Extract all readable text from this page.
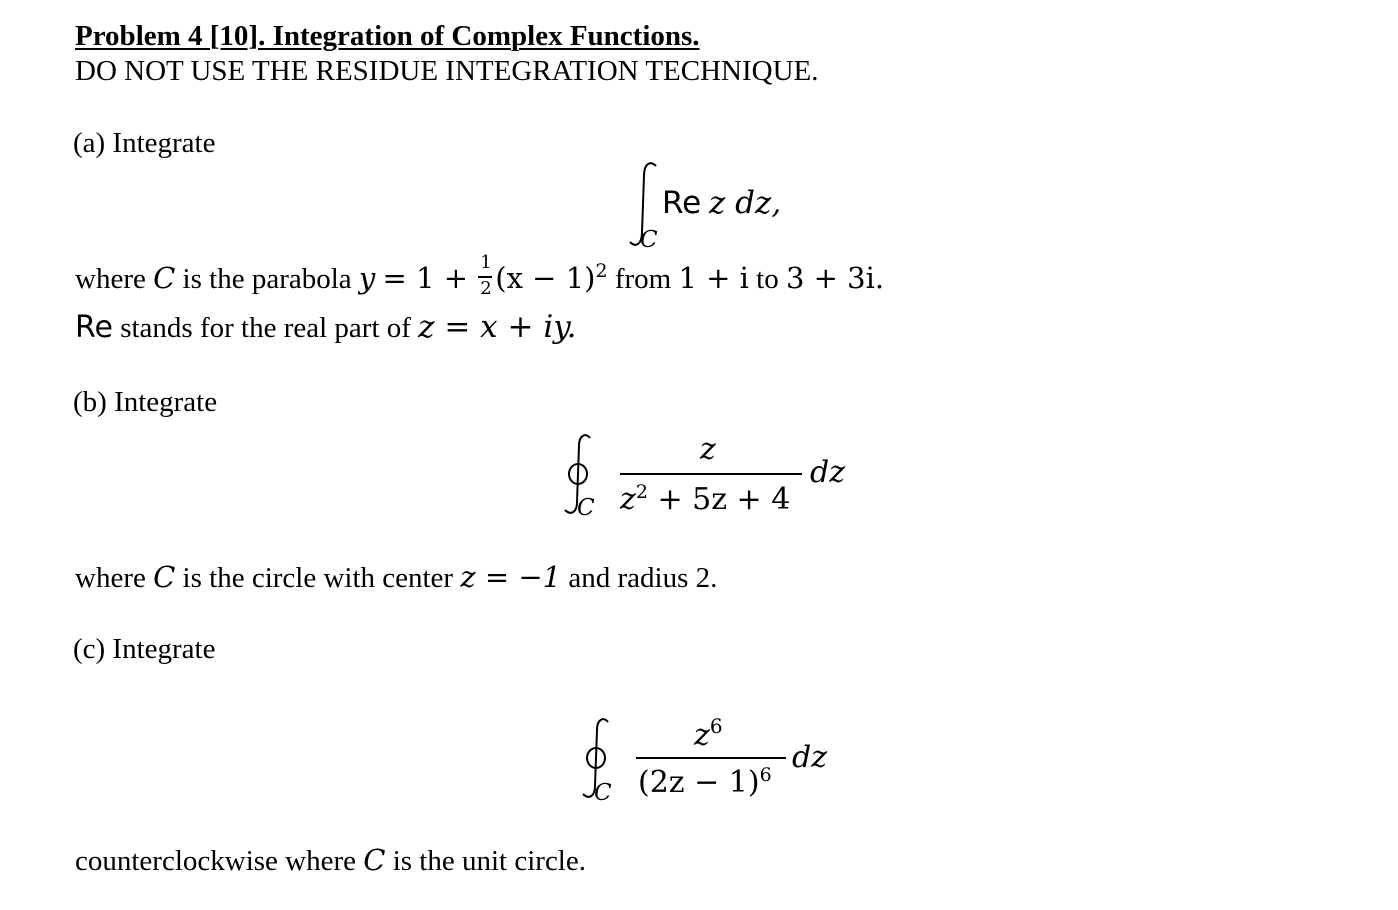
Problem 4 [10]. Integration of Complex Functions.
DO NOT USE THE RESIDUE INTEGRATION TECHNIQUE.
(a) Integrate
Re z dz,
C
where C is the parabola $y = 1 + \frac{1}{2} (x - 1)^2$ from 1 + i to 3 + 3i.
Re stands for the real part of z = x + iy.
(b) Integrate
C
z
$z^2 + 5z + 4$
dz
where C is the circle with center z = −1 and radius 2.
(c) Integrate
C
$z^6$
$(2z - 1)^6$ dz
counterclockwise where C is the unit circle.
